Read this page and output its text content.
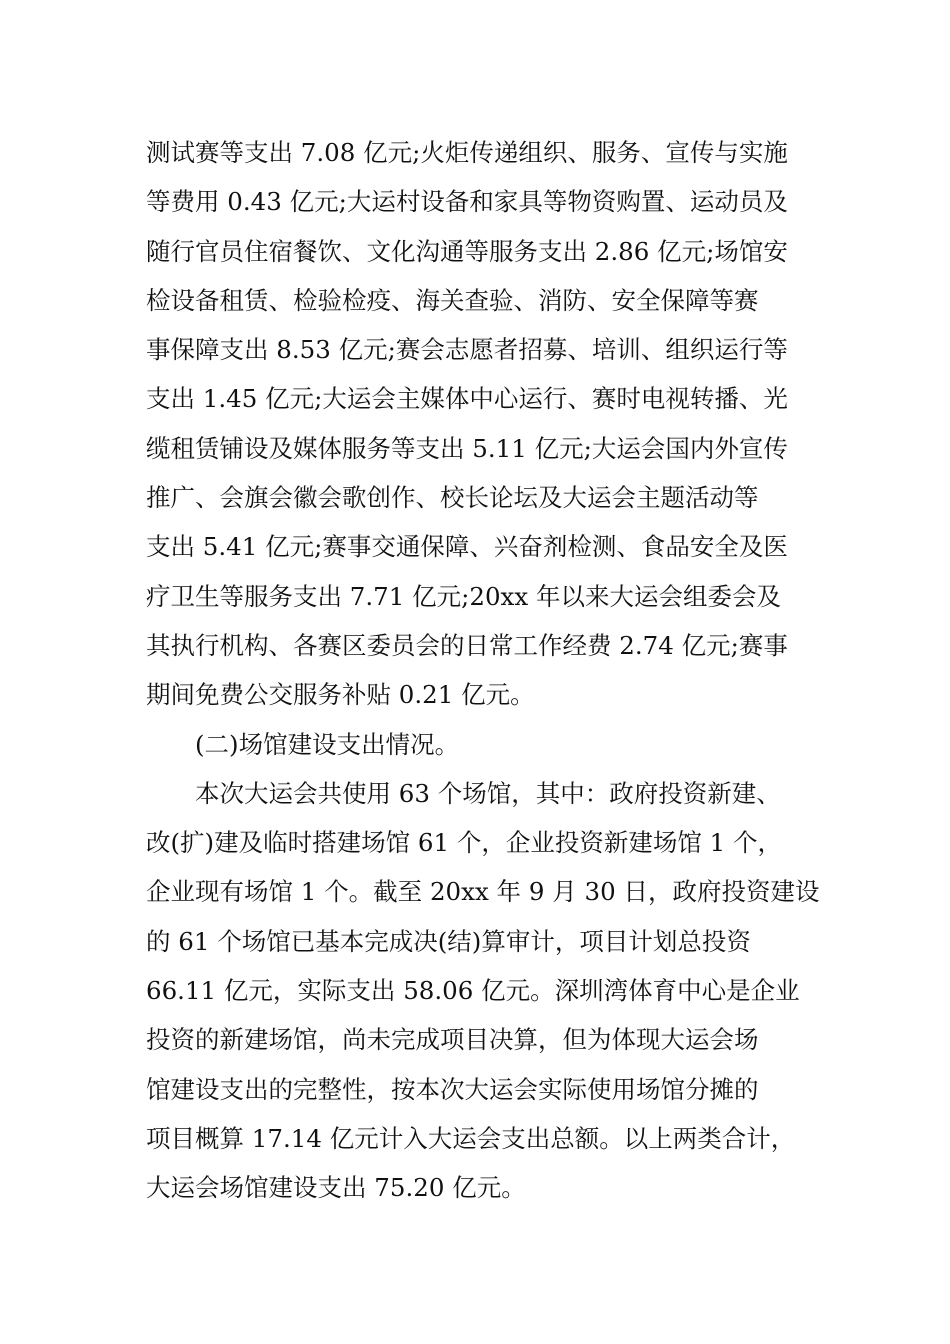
测试赛等支出 7.08 亿元;火炬传递组织、服务、宣传与实施
等费用 0.43 亿元;大运村设备和家具等物资购置、运动员及
随行官员住宿餐饮、文化沟通等服务支出 2.86 亿元;场馆安
检设备租赁、检验检疫、海关查验、消防、安全保障等赛
事保障支出 8.53 亿元;赛会志愿者招募、培训、组织运行等
支出 1.45 亿元;大运会主媒体中心运行、赛时电视转播、光
缆租赁铺设及媒体服务等支出 5.11 亿元;大运会国内外宣传
推广、会旗会徽会歌创作、校长论坛及大运会主题活动等
支出 5.41 亿元;赛事交通保障、兴奋剂检测、食品安全及医
疗卫生等服务支出 7.71 亿元;20xx 年以来大运会组委会及
其执行机构、各赛区委员会的日常工作经费 2.74 亿元;赛事
期间免费公交服务补贴 0.21 亿元。
(二)场馆建设支出情况。
本次大运会共使用 63 个场馆，其中：政府投资新建、
改(扩)建及临时搭建场馆 61 个，企业投资新建场馆 1 个，
企业现有场馆 1 个。截至 20xx 年 9 月 30 日，政府投资建设
的 61 个场馆已基本完成决(结)算审计，项目计划总投资
66.11 亿元，实际支出 58.06 亿元。深圳湾体育中心是企业
投资的新建场馆，尚未完成项目决算，但为体现大运会场
馆建设支出的完整性，按本次大运会实际使用场馆分摊的
项目概算 17.14 亿元计入大运会支出总额。以上两类合计，
大运会场馆建设支出 75.20 亿元。
